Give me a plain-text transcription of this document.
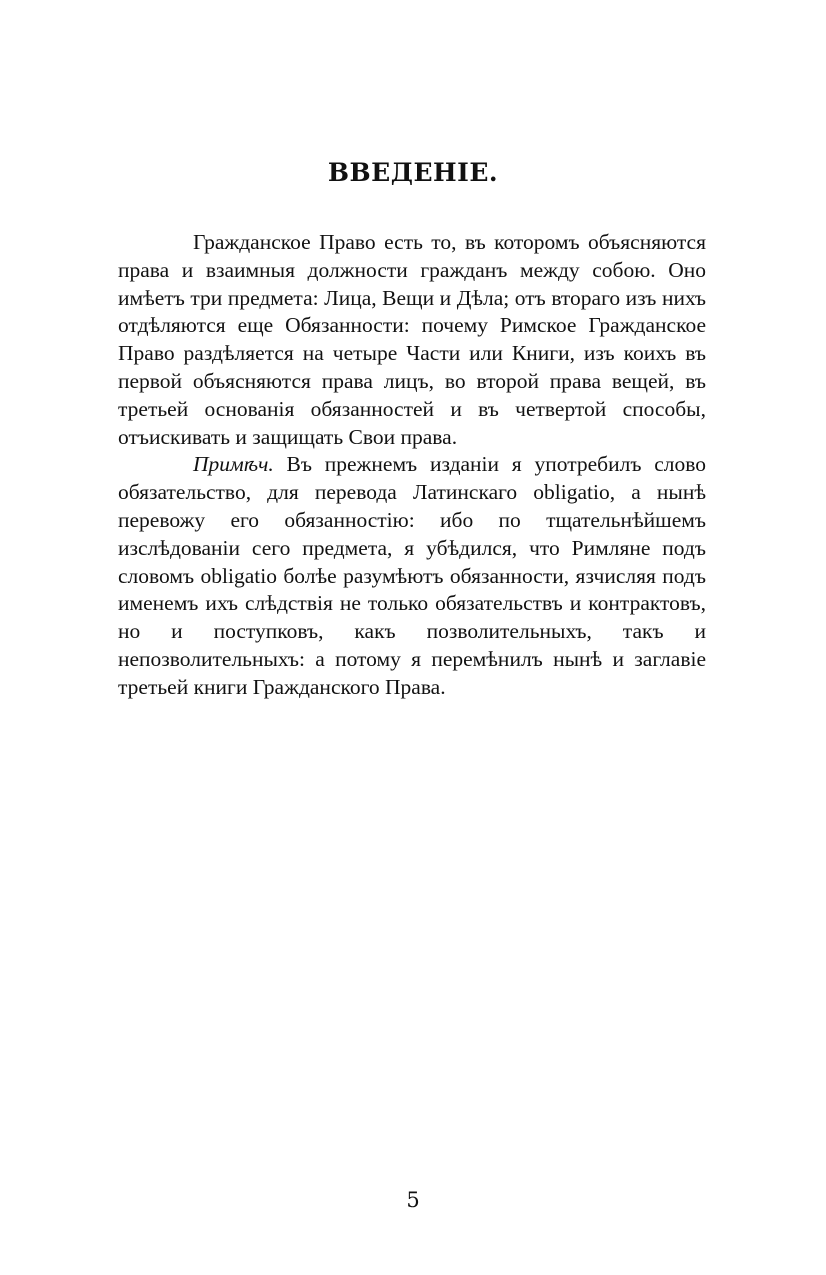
ВВЕДЕНІЕ.

Гражданское Право есть то, въ которомъ объясняются права и взаимныя должности гражданъ между собою. Оно имѣетъ три предмета: Лица, Вещи и Дѣла; отъ втораго изъ нихъ отдѣляются еще Обязанности: почему Римское Гражданское Право раздѣляется на четыре Части или Книги, изъ коихъ въ первой объясняются права лицъ, во второй права вещей, въ третьей основанія обязанностей и въ четвертой способы, отъискивать и защищать Свои права.

Примѣч. Въ прежнемъ изданіи я употребилъ слово обязательство, для перевода Латинскаго obligatio, а нынѣ перевожу его обязанностію: ибо по тщательнѣйшемъ изслѣдованіи сего предмета, я убѣдился, что Римляне подъ словомъ obligatio болѣе разумѣютъ обязанности, язчисляя подъ именемъ ихъ слѣдствія не только обязательствъ и контрактовъ, но и поступковъ, какъ позволительныхъ, такъ и непозволительныхъ: а потому я перемѣнилъ нынѣ и заглавіе третьей книги Гражданского Права.

5
